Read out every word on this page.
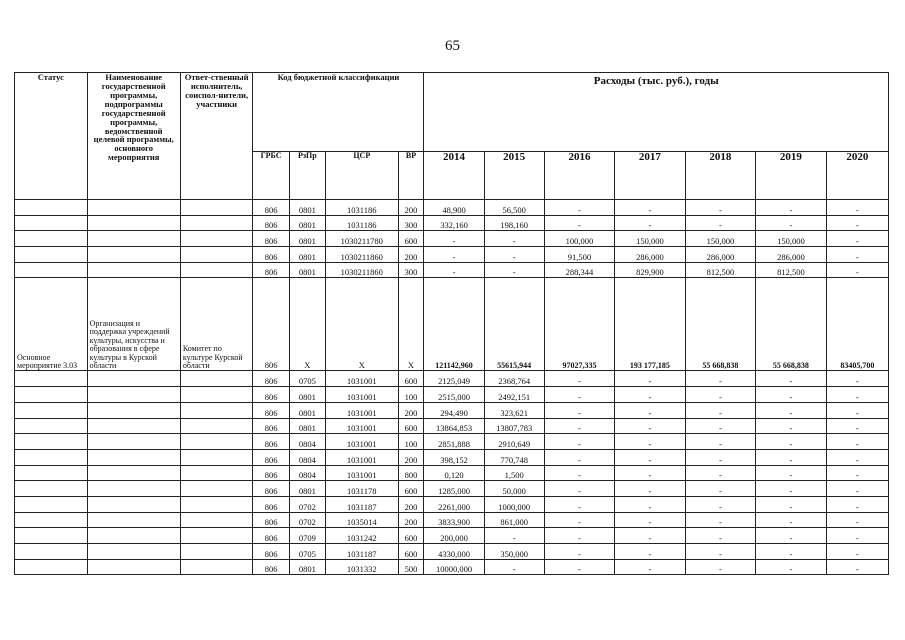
65
Статус	Наименование государственной программы, подпрограммы государственной программы, ведомственной целевой программы, основного мероприятия	Ответ-ственный исполнитель, соиспол-нители, участники	Код бюджетной классификации				Расходы (тыс. руб.), годы						
			ГРБС	РзПр	ЦСР	ВР	2014	2015	2016	2017	2018	2019	2020
			806	0801	1031186	200	48,900	56,500	-	-	-	-	-
			806	0801	1031186	300	332,160	198,160	-	-	-	-	-
			806	0801	1030211780	600	-	-	100,000	150,000	150,000	150,000	-
			806	0801	1030211860	200	-	-	91,500	286,000	286,000	286,000	-
			806	0801	1030211860	300	-	-	288,344	829,900	812,500	812,500	-
Основное мероприятие 3.03	Организация и поддержка учреждений культуры, искусства и образования в сфере культуры в Курской области	Комитет по культуре Курской области	806	X	X	X	121142,960	55615,944	97027,335	193 177,185	55 668,838	55 668,838	83405,700
			806	0705	1031001	600	2125,049	2368,764	-	-	-	-	-
			806	0801	1031001	100	2515,000	2492,151	-	-	-	-	-
			806	0801	1031001	200	294,490	323,621	-	-	-	-	-
			806	0801	1031001	600	13864,853	13807,783	-	-	-	-	-
			806	0804	1031001	100	2851,888	2910,649	-	-	-	-	-
			806	0804	1031001	200	398,152	770,748	-	-	-	-	-
			806	0804	1031001	800	0,120	1,500	-	-	-	-	-
			806	0801	1031178	600	1285,000	50,000	-	-	-	-	-
			806	0702	1031187	200	2261,000	1000,000	-	-	-	-	-
			806	0702	1035014	200	3833,900	861,000	-	-	-	-	-
			806	0709	1031242	600	200,000	-	-	-	-	-	-
			806	0705	1031187	600	4330,000	350,000	-	-	-	-	-
			806	0801	1031332	500	10000,000	-	-	-	-	-	-
